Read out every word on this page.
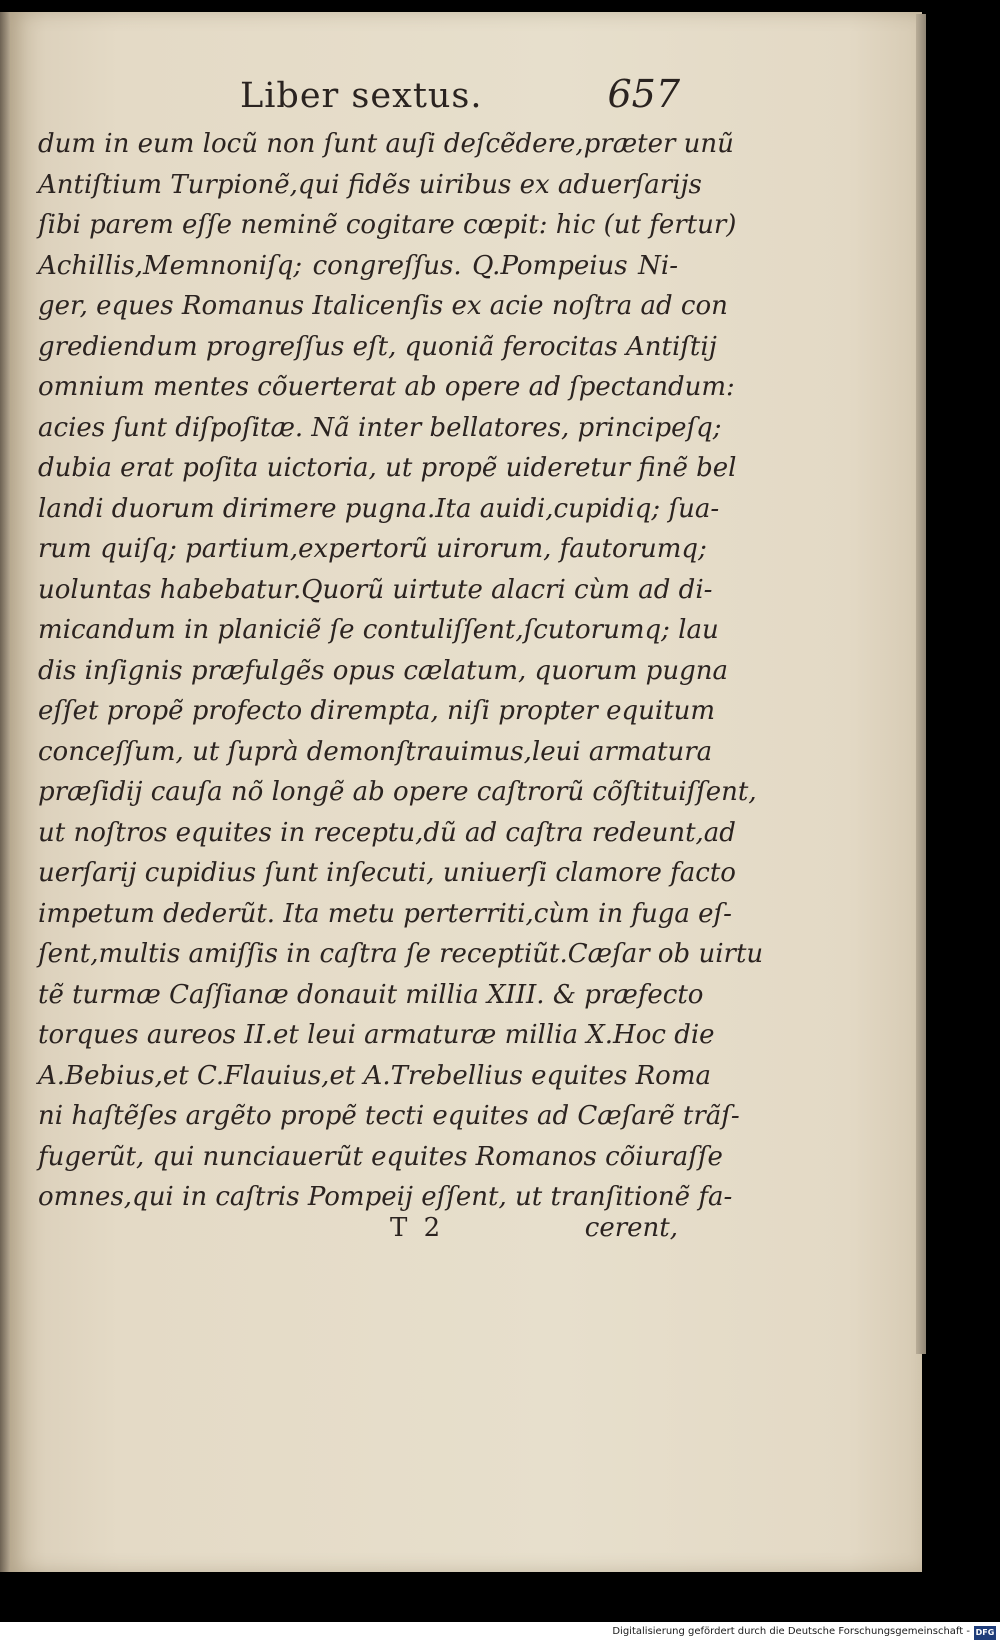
Liber sextus.	657
dum in eum locũ non ſunt auſi deſcẽdere,prӕter unũ
Antiſtium Turpionẽ,qui fidẽs uiribus ex aduerſarijs
ſibi parem eſſe neminẽ cogitare cœpit: hic (ut fertur)
Achillis,Memnoniſq; congreſſus. Q.Pompeius Ni-
ger, eques Romanus Italicenſis ex acie noſtra ad con
grediendum progreſſus eſt, quoniã ferocitas Antiſtij
omnium mentes cõuerterat ab opere ad ſpectandum:
acies ſunt diſpoſitӕ. Nã inter bellatores, principeſq;
dubia erat poſita uictoria, ut propẽ uideretur finẽ bel
landi duorum dirimere pugna.Ita auidi,cupidiq; ſua-
rum quiſq; partium,expertorũ uirorum, fautorumq;
uoluntas habebatur.Quorũ uirtute alacri cùm ad di-
micandum in planiciẽ ſe contuliſſent,ſcutorumq; lau
dis inſignis prӕfulgẽs opus cӕlatum, quorum pugna
eſſet propẽ profecto dirempta, niſi propter equitum
conceſſum, ut ſuprà demonſtrauimus,leui armatura
prӕſidij cauſa nõ longẽ ab opere caſtrorũ cõſtituiſſent,
ut noſtros equites in receptu,dũ ad caſtra redeunt,ad
uerſarij cupidius ſunt inſecuti, uniuerſi clamore facto
impetum dederũt. Ita metu perterriti,cùm in fuga eſ-
ſent,multis amiſſis in caſtra ſe receptiũt.Cӕſar ob uirtu
tẽ turmӕ Caſſianӕ donauit millia XIII. & prӕfecto
torques aureos II.et leui armaturӕ millia X.Hoc die
A.Bebius,et C.Flauius,et A.Trebellius equites Roma
ni haſtẽſes argẽto propẽ tecti equites ad Cӕſarẽ trãſ-
fugerũt, qui nunciauerũt equites Romanos cõiuraſſe
omnes,qui in caſtris Pompeij eſſent, ut tranſitionẽ fa-
T 2	cerent,
Digitalisierung gefördert durch die Deutsche Forschungsgemeinschaft - DFG
